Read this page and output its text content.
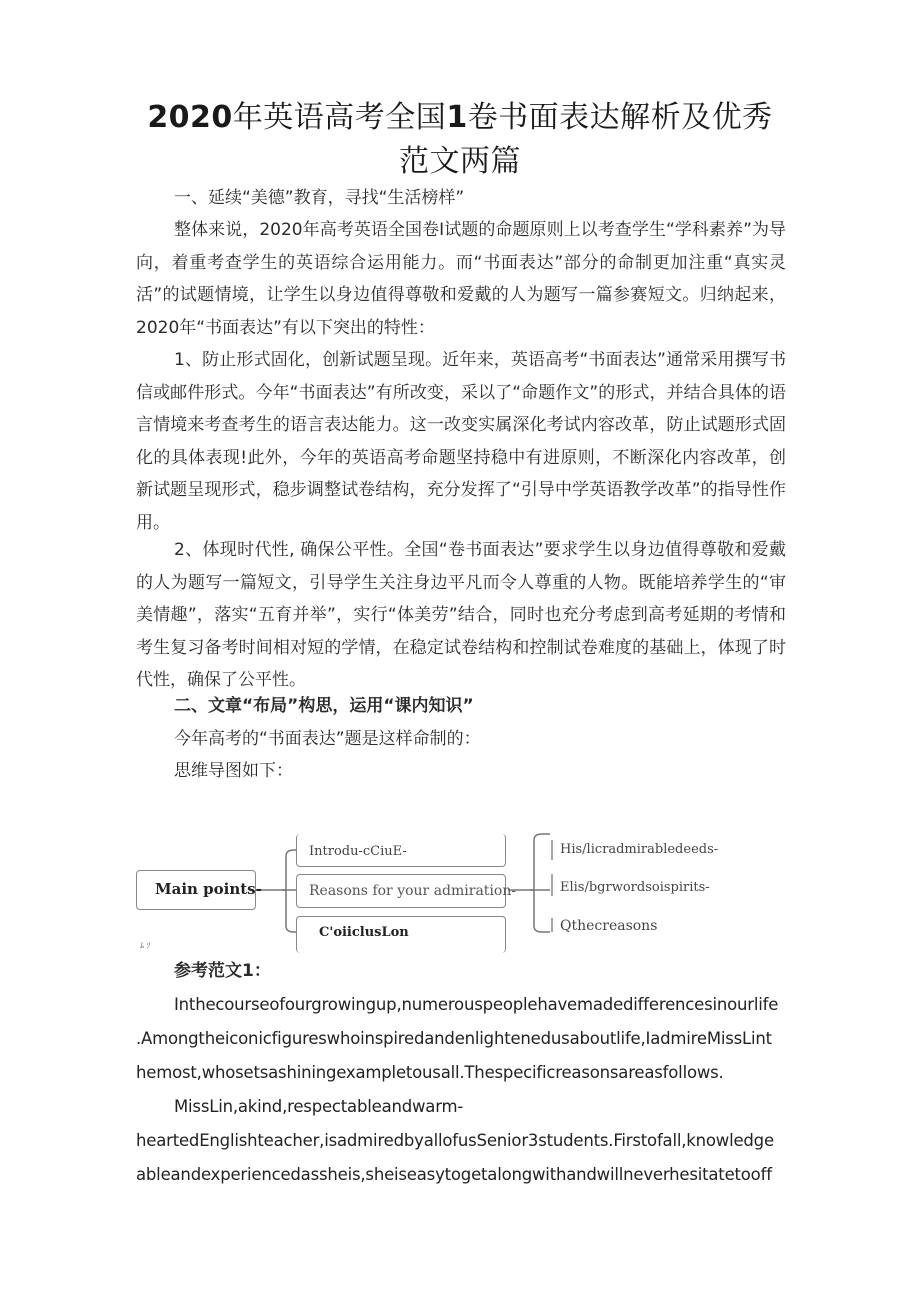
2020年英语高考全国1卷书面表达解析及优秀
范文两篇
一、延续“美德”教育，寻找“生活榜样”
整体来说，2020年高考英语全国卷I试题的命题原则上以考查学生“学科素养”为导向，着重考查学生的英语综合运用能力。而“书面表达”部分的命制更加注重“真实灵活”的试题情境，让学生以身边值得尊敬和爱戴的人为题写一篇参赛短文。归纳起来，2020年“书面表达”有以下突出的特性：
1、防止形式固化，创新试题呈现。近年来，英语高考“书面表达”通常采用撰写书信或邮件形式。今年“书面表达”有所改变，采以了“命题作文”的形式，并结合具体的语言情境来考查考生的语言表达能力。这一改变实属深化考试内容改革，防止试题形式固化的具体表现!此外，今年的英语高考命题坚持稳中有进原则，不断深化内容改革，创新试题呈现形式，稳步调整试卷结构，充分发挥了“引导中学英语教学改革”的指导性作用。
2、体现时代性, 确保公平性。全国“卷书面表达”要求学生以身边值得尊敬和爱戴的人为题写一篇短文，引导学生关注身边平凡而令人尊重的人物。既能培养学生的“审美情趣”，落实“五育并举”，实行“体美劳”结合，同时也充分考虑到高考延期的考情和考生复习备考时间相对短的学情，在稳定试卷结构和控制试卷难度的基础上，体现了时代性，确保了公平性。
二、文章“布局”构思，运用“课内知识”
今年高考的“书面表达”题是这样命制的：
思维导图如下：
Main points-
Introdu-cCiuE-
Reasons for your admiration-
C'oiiclusLon
His/licradmirabledeeds-
Elis/bgrwordsoispirits-
Qthecreasons
ﾑ ｿ
参考范文1：
Inthecourseofourgrowingup,numerouspeoplehavemadedifferencesinourlife
.Amongtheiconicfigureswhoinspiredandenlightenedusaboutlife,IadmireMissLint
hemost,whosetsashiningexampletousall.Thespecificreasonsareasfollows.
MissLin,akind,respectableandwarm-
heartedEnglishteacher,isadmiredbyallofusSenior3students.Firstofall,knowledge
ableandexperiencedassheis,sheiseasytogetalongwithandwillneverhesitatetooff
